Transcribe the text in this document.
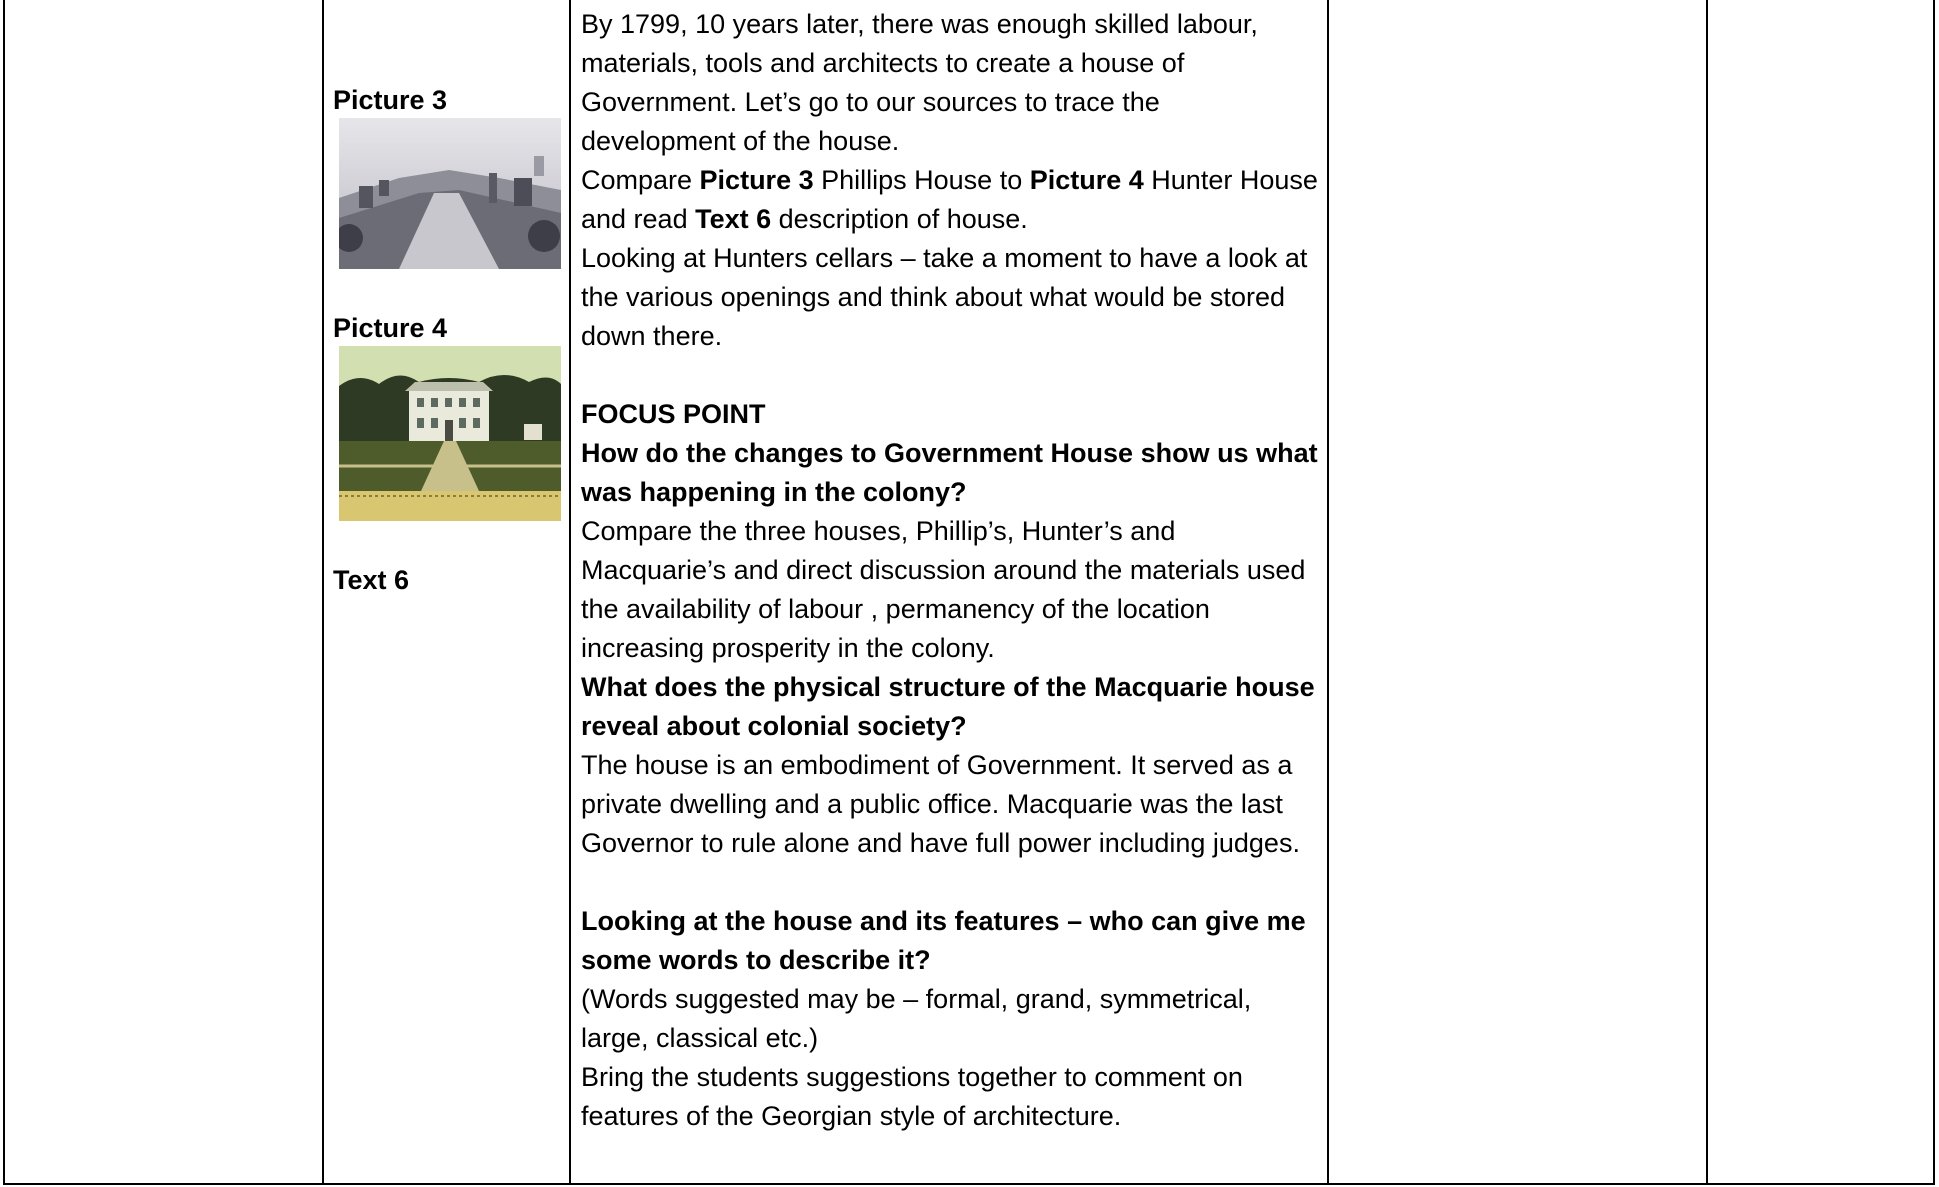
Picture 3
Picture 4
Text 6

By 1799, 10 years later, there was enough skilled labour, materials, tools and architects to create a house of Government. Let’s go to our sources to trace the development of the house.

Compare Picture 3 Phillips House to Picture 4 Hunter House and read Text 6 description of house.

Looking at Hunters cellars – take a moment to have a look at the various openings and think about what would be stored down there.

FOCUS POINT

How do the changes to Government House show us what was happening in the colony?

Compare the three houses, Phillip’s, Hunter’s and Macquarie’s and direct discussion around the materials used the availability of labour , permanency of the location increasing prosperity in the colony.

What does the physical structure of the Macquarie house reveal about colonial society?

The house is an embodiment of Government. It served as a private dwelling and a public office. Macquarie was the last Governor to rule alone and have full power including judges.

Looking at the house and its features – who can give me some words to describe it?

(Words suggested may be – formal, grand, symmetrical, large, classical etc.)

Bring the students suggestions together to comment on features of the Georgian style of architecture.
